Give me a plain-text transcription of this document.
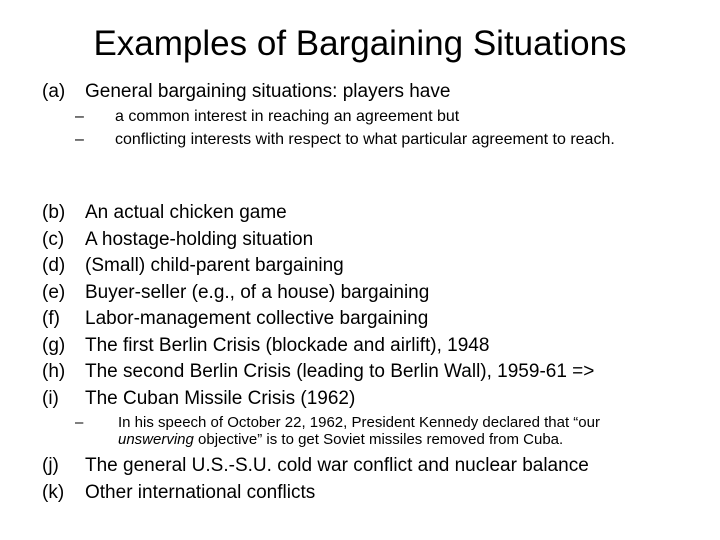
Examples of Bargaining Situations
(a) General bargaining situations: players have
– a common interest in reaching an agreement but
– conflicting interests with respect to what particular agreement to reach.
(b) An actual chicken game
(c) A hostage-holding situation
(d) (Small) child-parent bargaining
(e) Buyer-seller (e.g., of a house) bargaining
(f) Labor-management collective bargaining
(g) The first Berlin Crisis (blockade and airlift), 1948
(h) The second Berlin Crisis (leading to Berlin Wall), 1959-61 =>
(i) The Cuban Missile Crisis (1962)
– In his speech of October 22, 1962, President Kennedy declared that “our unswerving objective” is to get Soviet missiles removed from Cuba.
(j) The general U.S.-S.U. cold war conflict and nuclear balance
(k) Other international conflicts
